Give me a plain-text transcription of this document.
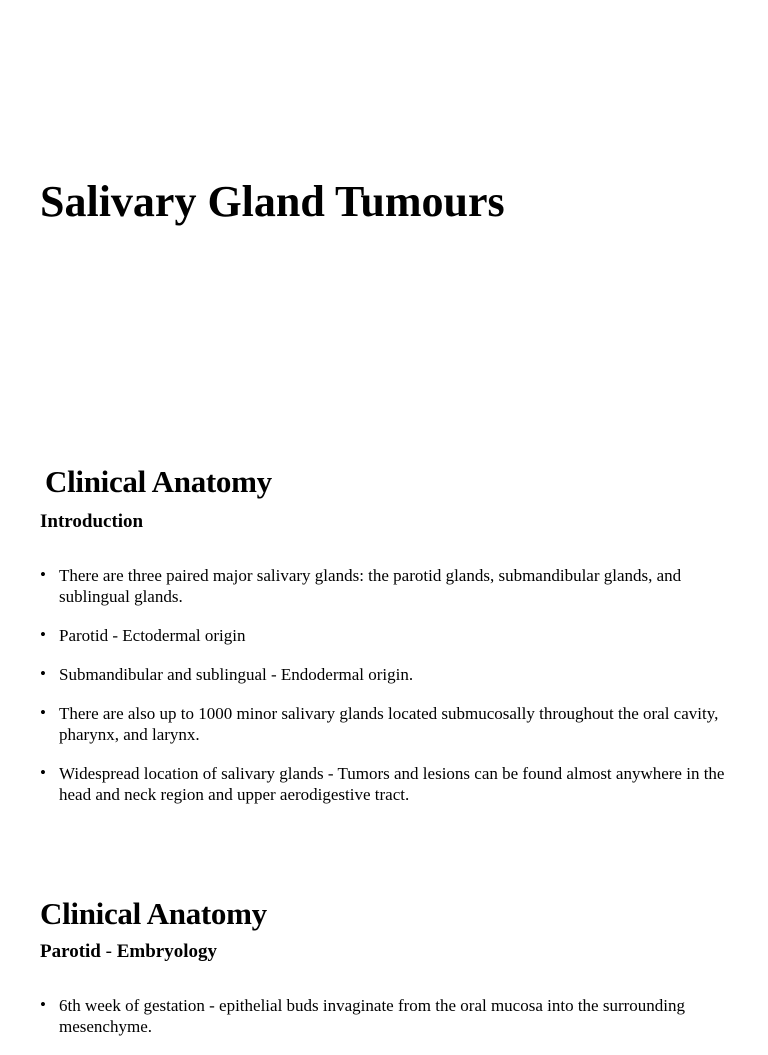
Salivary Gland Tumours
Clinical Anatomy
Introduction
• There are three paired major salivary glands: the parotid glands, submandibular glands, and sublingual glands.
• Parotid - Ectodermal origin
• Submandibular and sublingual - Endodermal origin.
• There are also up to 1000 minor salivary glands located submucosally throughout the oral cavity, pharynx, and larynx.
• Widespread location of salivary glands - Tumors and lesions can be found almost anywhere in the head and neck region and upper aerodigestive tract.
Clinical Anatomy
Parotid - Embryology
• 6th week of gestation - epithelial buds invaginate from the oral mucosa into the surrounding mesenchyme.
